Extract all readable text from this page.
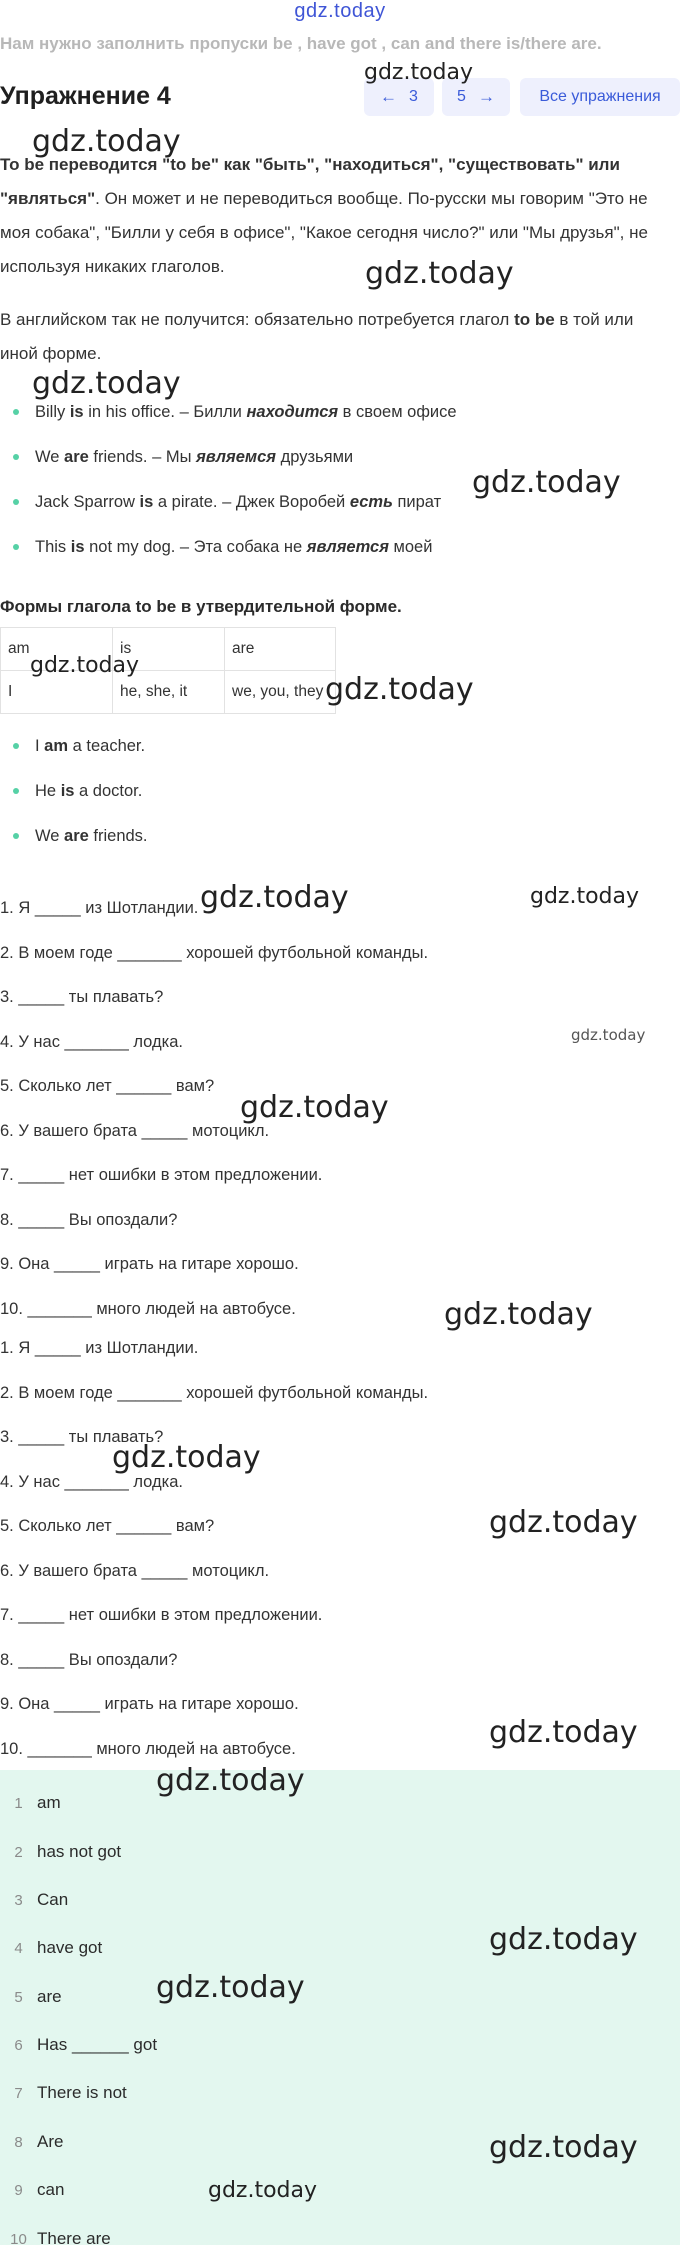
gdz.today
Нам нужно заполнить пропуски be , have got , can and there is/there are.
Упражнение 4	← 3 5 →	Все упражнения
To be переводится "to be" как "быть", "находиться", "существовать" или "являться". Он может и не переводиться вообще. По-русски мы говорим "Это не моя собака", "Билли у себя в офисе", "Какое сегодня число?" или "Мы друзья", не используя никаких глаголов.
В английском так не получится: обязательно потребуется глагол to be в той или иной форме.
Billy is in his office. – Билли находится в своем офисе
We are friends. – Мы являемся друзьями
Jack Sparrow is a pirate. – Джек Воробей есть пират
This is not my dog. – Эта собака не является моей
Формы глагола to be в утвердительной форме.
am	is	are
I	he, she, it	we, you, they
I am a teacher.
He is a doctor.
We are friends.
1. Я _____ из Шотландии.
2. В моем годе _______ хорошей футбольной команды.
3. _____ ты плавать?
4. У нас _______ лодка.
5. Сколько лет ______ вам?
6. У вашего брата _____ мотоцикл.
7. _____ нет ошибки в этом предложении.
8. _____ Вы опоздали?
9. Она _____ играть на гитаре хорошо.
10. _______ много людей на автобусе.
1. Я _____ из Шотландии.
2. В моем годе _______ хорошей футбольной команды.
3. _____ ты плавать?
4. У нас _______ лодка.
5. Сколько лет ______ вам?
6. У вашего брата _____ мотоцикл.
7. _____ нет ошибки в этом предложении.
8. _____ Вы опоздали?
9. Она _____ играть на гитаре хорошо.
10. _______ много людей на автобусе.
1 am
2 has not got
3 Can
4 have got
5 are
6 Has ______ got
7 There is not
8 Are
9 can
10 There are
gdz.today
gdz.today
gdz.today
gdz.today
gdz.today
gdz.today
gdz.today
gdz.today	gdz.today
gdz.today
gdz.today
gdz.today
gdz.today
gdz.today
gdz.today
gdz.today
gdz.today
gdz.today
gdz.today
gdz.today
